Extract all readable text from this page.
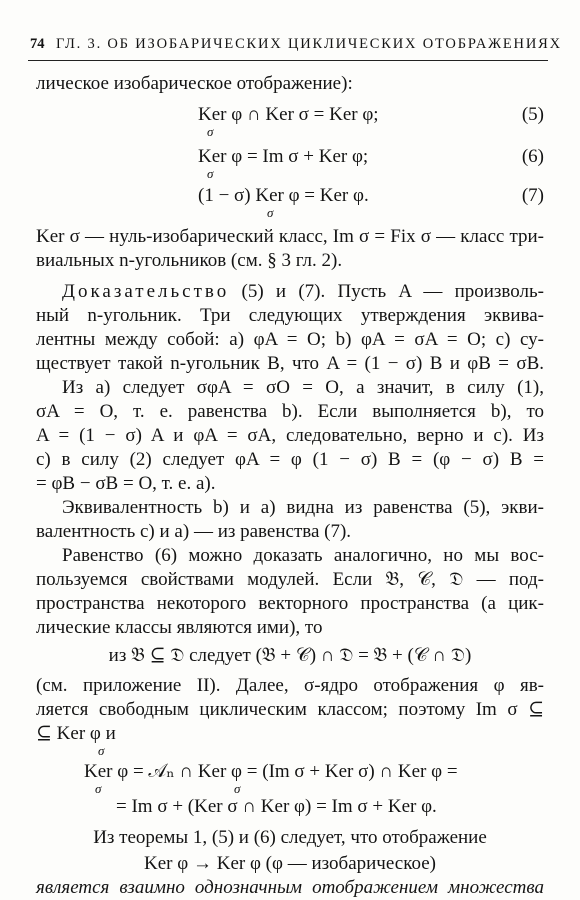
74 ГЛ. 3. ОБ ИЗОБАРИЧЕСКИХ ЦИКЛИЧЕСКИХ ОТОБРАЖЕНИЯХ
лическое изобарическое отображение):
Ker φ ∩ Ker σ = Ker φ;	(5)
σ
Ker φ = Im σ + Ker φ;	(6)
σ
(1 − σ) Ker φ = Ker φ.	(7)
σ
Ker σ — нуль-изобарический класс, Im σ = Fix σ — класс три-
виальных n-угольников (см. § 3 гл. 2).
Доказательство (5) и (7). Пусть A — произволь-
ный n-угольник. Три следующих утверждения эквива-
лентны между собой: а) φA = O; b) φA = σA = O; c) су-
ществует такой n-угольник B, что A = (1 − σ) B и φB = σB.
Из a) следует σφA = σO = O, а значит, в силу (1),
σA = O, т. е. равенства b). Если выполняется b), то
A = (1 − σ) A и φA = σA, следовательно, верно и c). Из
c) в силу (2) следует φA = φ (1 − σ) B = (φ − σ) B =
= φB − σB = O, т. е. a).
Эквивалентность b) и a) видна из равенства (5), экви-
валентность c) и a) — из равенства (7).
Равенство (6) можно доказать аналогично, но мы вос-
пользуемся свойствами модулей. Если 𝔅, 𝒞, 𝔇 — под-
пространства некоторого векторного пространства (а цик-
лические классы являются ими), то
из 𝔅 ⊆ 𝔇 следует (𝔅 + 𝒞) ∩ 𝔇 = 𝔅 + (𝒞 ∩ 𝔇)
(см. приложение II). Далее, σ-ядро отображения φ яв-
ляется свободным циклическим классом; поэтому Im σ ⊆
⊆ Ker φ и
σ
Ker φ = 𝒜ₙ ∩ Ker φ = (Im σ + Ker σ) ∩ Ker φ =
σ	σ
= Im σ + (Ker σ ∩ Ker φ) = Im σ + Ker φ.
Из теоремы 1, (5) и (6) следует, что отображение
Ker φ → Ker φ (φ — изобарическое)
является взаимно однозначным отображением множества
